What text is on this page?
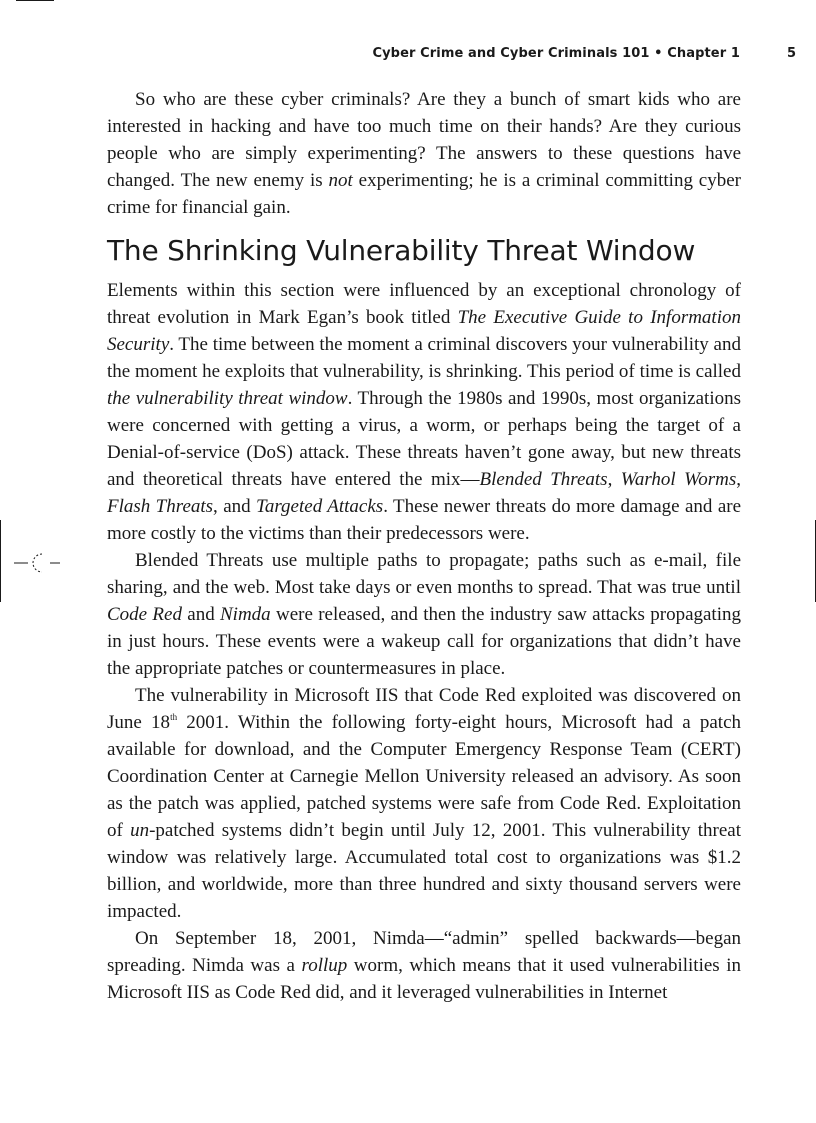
Cyber Crime and Cyber Criminals 101 • Chapter 1	5

So who are these cyber criminals? Are they a bunch of smart kids who are interested in hacking and have too much time on their hands? Are they curious people who are simply experimenting? The answers to these questions have changed. The new enemy is not experimenting; he is a criminal committing cyber crime for financial gain.

The Shrinking Vulnerability Threat Window

Elements within this section were influenced by an exceptional chronology of threat evolution in Mark Egan’s book titled The Executive Guide to Information Security. The time between the moment a criminal discovers your vulnerability and the moment he exploits that vulnerability, is shrinking. This period of time is called the vulnerability threat window. Through the 1980s and 1990s, most organizations were concerned with getting a virus, a worm, or perhaps being the target of a Denial-of-service (DoS) attack. These threats haven’t gone away, but new threats and theoretical threats have entered the mix—Blended Threats, Warhol Worms, Flash Threats, and Targeted Attacks. These newer threats do more damage and are more costly to the victims than their predecessors were.

Blended Threats use multiple paths to propagate; paths such as e-mail, file sharing, and the web. Most take days or even months to spread. That was true until Code Red and Nimda were released, and then the industry saw attacks propagating in just hours. These events were a wakeup call for organizations that didn’t have the appropriate patches or countermeasures in place.

The vulnerability in Microsoft IIS that Code Red exploited was discovered on June 18th 2001. Within the following forty-eight hours, Microsoft had a patch available for download, and the Computer Emergency Response Team (CERT) Coordination Center at Carnegie Mellon University released an advisory. As soon as the patch was applied, patched systems were safe from Code Red. Exploitation of un-patched systems didn’t begin until July 12, 2001. This vulnerability threat window was relatively large. Accumulated total cost to organizations was $1.2 billion, and worldwide, more than three hundred and sixty thousand servers were impacted.

On September 18, 2001, Nimda—“admin” spelled backwards—began spreading. Nimda was a rollup worm, which means that it used vulnerabilities in Microsoft IIS as Code Red did, and it leveraged vulnerabilities in Internet
